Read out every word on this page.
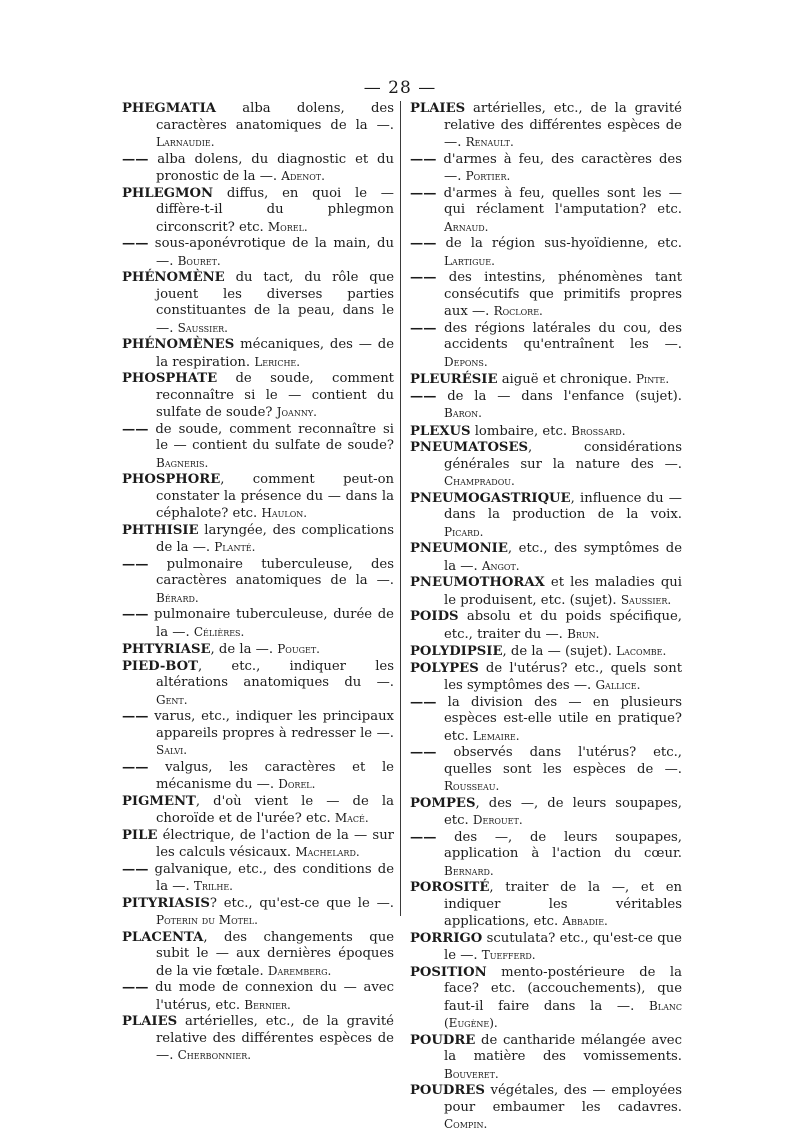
— 28 —
PHEGMATIA alba dolens, des caractères anatomiques de la —. Larnaudie.
—— alba dolens, du diagnostic et du pronostic de la —. Adenot.
PHLEGMON diffus, en quoi le — diffère-t-il du phlegmon circonscrit? etc. Morel.
—— sous-aponévrotique de la main, du —. Bouret.
PHÉNOMÈNE du tact, du rôle que jouent les diverses parties constituantes de la peau, dans le —. Saussier.
PHÉNOMÈNES mécaniques, des — de la respiration. Leriche.
PHOSPHATE de soude, comment reconnaître si le — contient du sulfate de soude? Joanny.
—— de soude, comment reconnaître si le — contient du sulfate de soude? Bagneris.
PHOSPHORE, comment peut-on constater la présence du — dans la céphalote? etc. Haulon.
PHTHISIE laryngée, des complications de la —. Planté.
—— pulmonaire tuberculeuse, des caractères anatomiques de la —. Bérard.
—— pulmonaire tuberculeuse, durée de la —. Célières.
PHTYRIASE, de la —. Pouget.
PIED-BOT, etc., indiquer les altérations anatomiques du —. Gent.
—— varus, etc., indiquer les principaux appareils propres à redresser le —. Salvi.
—— valgus, les caractères et le mécanisme du —. Dorel.
PIGMENT, d'où vient le — de la choroïde et de l'urée? etc. Macé.
PILE électrique, de l'action de la — sur les calculs vésicaux. Machelard.
—— galvanique, etc., des conditions de la —. Trilhe.
PITYRIASIS? etc., qu'est-ce que le —. Poterin du Motel.
PLACENTA, des changements que subit le — aux dernières époques de la vie fœtale. Daremberg.
—— du mode de connexion du — avec l'utérus, etc. Bernier.
PLAIES artérielles, etc., de la gravité relative des différentes espèces de —. Cherbonnier.
PLAIES artérielles, etc., de la gravité relative des différentes espèces de —. Renault.
—— d'armes à feu, des caractères des —. Portier.
—— d'armes à feu, quelles sont les — qui réclament l'amputation? etc. Arnaud.
—— de la région sus-hyoïdienne, etc. Lartigue.
—— des intestins, phénomènes tant consécutifs que primitifs propres aux —. Roclore.
—— des régions latérales du cou, des accidents qu'entraînent les —. Depons.
PLEURÉSIE aiguë et chronique. Pinte.
—— de la — dans l'enfance (sujet). Baron.
PLEXUS lombaire, etc. Brossard.
PNEUMATOSES, considérations générales sur la nature des —. Champradou.
PNEUMOGASTRIQUE, influence du — dans la production de la voix. Picard.
PNEUMONIE, etc., des symptômes de la —. Angot.
PNEUMOTHORAX et les maladies qui le produisent, etc. (sujet). Saussier.
POIDS absolu et du poids spécifique, etc., traiter du —. Brun.
POLYDIPSIE, de la — (sujet). Lacombe.
POLYPES de l'utérus? etc., quels sont les symptômes des —. Gallice.
—— la division des — en plusieurs espèces est-elle utile en pratique? etc. Lemaire.
—— observés dans l'utérus? etc., quelles sont les espèces de —. Rousseau.
POMPES, des —, de leurs soupapes, etc. Derouet.
—— des —, de leurs soupapes, application à l'action du cœur. Bernard.
POROSITÉ, traiter de la —, et en indiquer les véritables applications, etc. Abbadie.
PORRIGO scutulata? etc., qu'est-ce que le —. Tuefferd.
POSITION mento-postérieure de la face? etc. (accouchements), que faut-il faire dans la —. Blanc (Eugène).
POUDRE de cantharide mélangée avec la matière des vomissements. Bouveret.
POUDRES végétales, des — employées pour embaumer les cadavres. Compin.
